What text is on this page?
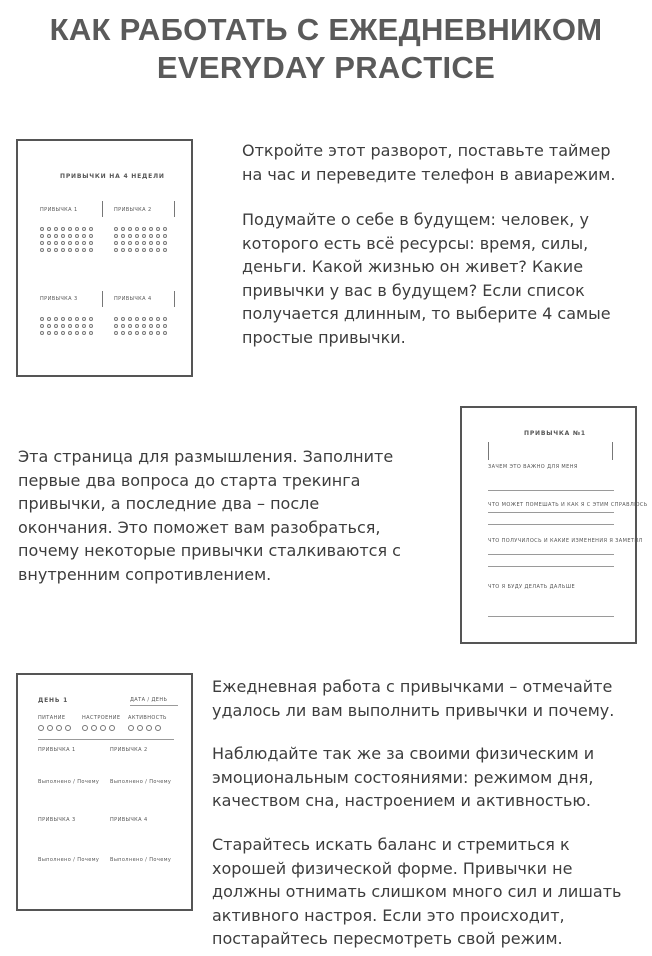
КАК РАБОТАТЬ С ЕЖЕДНЕВНИКОМ
EVERYDAY PRACTICE
ПРИВЫЧКИ НА 4 НЕДЕЛИ
ПРИВЫЧКА 1	ПРИВЫЧКА 2
ПРИВЫЧКА 3	ПРИВЫЧКА 4

Откройте этот разворот, поставьте таймер на час и переведите телефон в авиарежим.

Подумайте о себе в будущем: человек, у которого есть всё ресурсы: время, силы, деньги. Какой жизнью он живет? Какие привычки у вас в будущем? Если список получается длинным, то выберите 4 самые простые привычки.

Эта страница для размышления. Заполните первые два вопроса до старта трекинга привычки, а последние два – после окончания. Это поможет вам разобраться, почему некоторые привычки сталкиваются с внутренним сопротивлением.

ПРИВЫЧКА №1
ЗАЧЕМ ЭТО ВАЖНО ДЛЯ МЕНЯ
ЧТО МОЖЕТ ПОМЕШАТЬ И КАК Я С ЭТИМ СПРАВЛЮСЬ
ЧТО ПОЛУЧИЛОСЬ И КАКИЕ ИЗМЕНЕНИЯ Я ЗАМЕТИЛ
ЧТО Я БУДУ ДЕЛАТЬ ДАЛЬШЕ
ДЕНЬ 1	ДАТА / ДЕНЬ
ПИТАНИЕ	НАСТРОЕНИЕ АКТИВНОСТЬ
ПРИВЫЧКА 1	ПРИВЫЧКА 2
Выполнено / Почему Выполнено / Почему
ПРИВЫЧКА 3	ПРИВЫЧКА 4
Выполнено / Почему Выполнено / Почему

Ежедневная работа с привычками – отмечайте удалось ли вам выполнить привычки и почему.

Наблюдайте так же за своими физическим и эмоциональным состояниями: режимом дня, качеством сна, настроением и активностью.

Старайтесь искать баланс и стремиться к хорошей физической форме. Привычки не должны отнимать слишком много сил и лишать активного настроя. Если это происходит, постарайтесь пересмотреть свой режим.
